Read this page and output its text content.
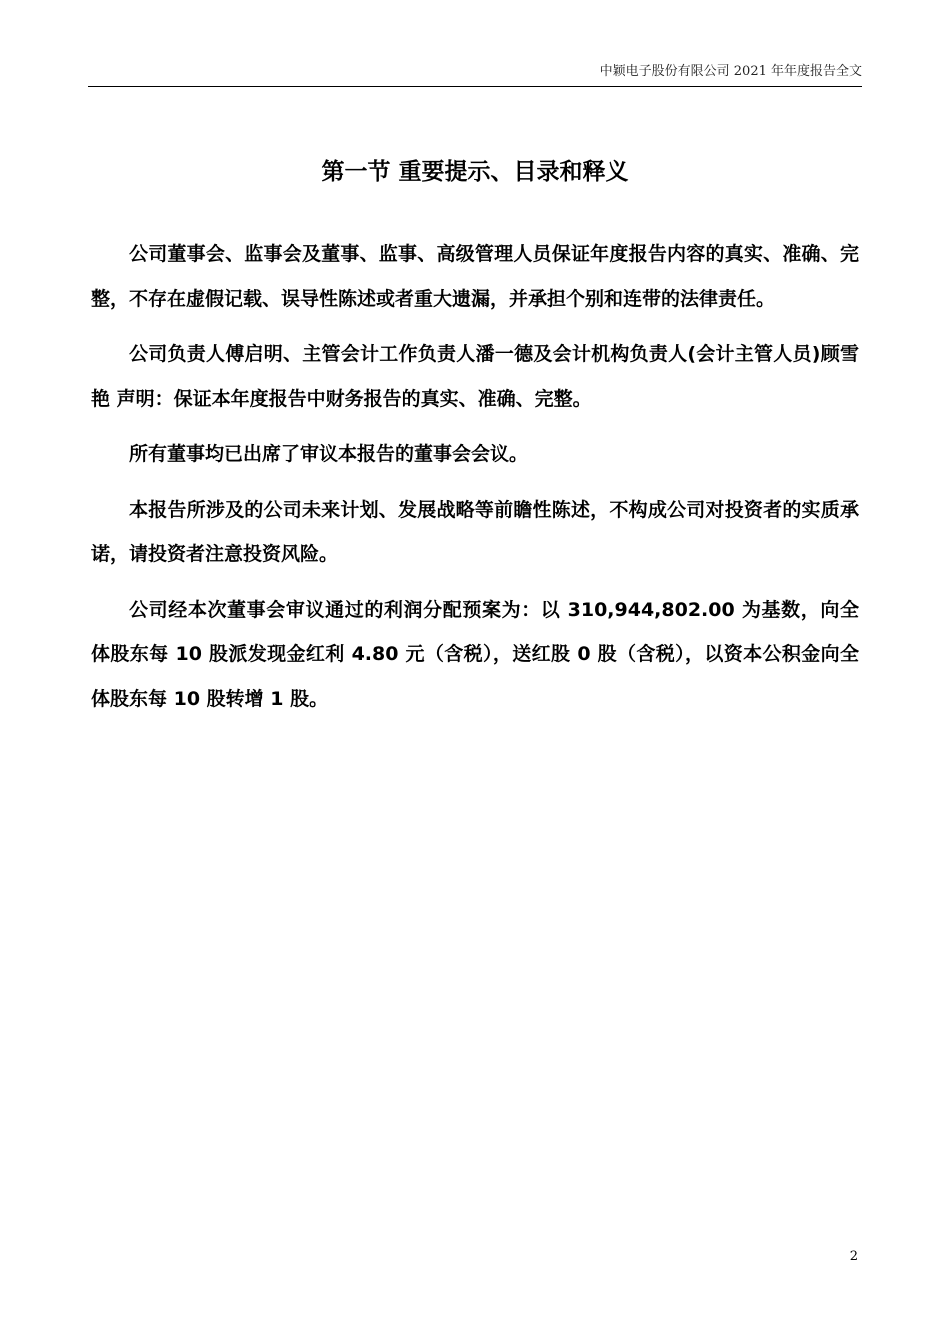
中颖电子股份有限公司 2021 年年度报告全文
第一节 重要提示、目录和释义

公司董事会、监事会及董事、监事、高级管理人员保证年度报告内容的真实、准确、完整，不存在虚假记载、误导性陈述或者重大遗漏，并承担个别和连带的法律责任。

公司负责人傅启明、主管会计工作负责人潘一德及会计机构负责人(会计主管人员)顾雪艳 声明：保证本年度报告中财务报告的真实、准确、完整。

所有董事均已出席了审议本报告的董事会会议。

本报告所涉及的公司未来计划、发展战略等前瞻性陈述，不构成公司对投资者的实质承诺，请投资者注意投资风险。

公司经本次董事会审议通过的利润分配预案为：以 310,944,802.00 为基数，向全体股东每 10 股派发现金红利 4.80 元（含税），送红股 0 股（含税），以资本公积金向全体股东每 10 股转增 1 股。

2
